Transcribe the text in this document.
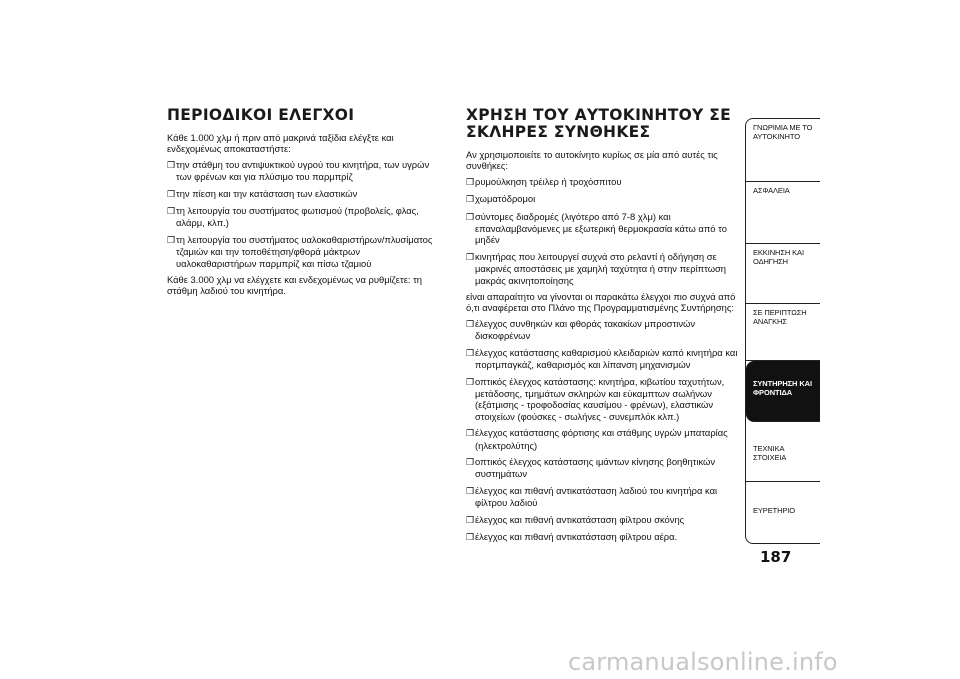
ΠΕΡΙΟΔΙΚΟΙ ΕΛΕΓΧΟΙ

Κάθε 1.000 χλμ ή πριν από μακρινά ταξίδια ελέγξτε και ενδεχομένως αποκαταστήστε:

❒την στάθμη του αντιψυκτικού υγρού του κινητήρα, των υγρών των φρένων και για πλύσιμο του παρμπρίζ
❒την πίεση και την κατάσταση των ελαστικών
❒τη λειτουργία του συστήματος φωτισμού (προβολείς, φλας, αλάρμ, κλπ.)
❒τη λειτουργία του συστήματος υαλοκαθαριστήρων/πλυσίματος τζαμιών και την τοποθέτηση/φθορά μάκτρων υαλοκαθαριστήρων παρμπρίζ και πίσω τζαμιού

Κάθε 3.000 χλμ να ελέγχετε και ενδεχομένως να ρυθμίζετε: τη στάθμη λαδιού του κινητήρα.

ΧΡΗΣΗ ΤΟΥ ΑΥΤΟΚΙΝΗΤΟΥ ΣΕ ΣΚΛΗΡΕΣ ΣΥΝΘΗΚΕΣ

Αν χρησιμοποιείτε το αυτοκίνητο κυρίως σε μία από αυτές τις συνθήκες:

❒ρυμούλκηση τρέιλερ ή τροχόσπιτου
❒χωματόδρομοι
❒σύντομες διαδρομές (λιγότερο από 7-8 χλμ) και επαναλαμβανόμενες με εξωτερική θερμοκρασία κάτω από το μηδέν
❒κινητήρας που λειτουργεί συχνά στο ρελαντί ή οδήγηση σε μακρινές αποστάσεις με χαμηλή ταχύτητα ή στην περίπτωση μακράς ακινητοποίησης

είναι απαραίτητο να γίνονται οι παρακάτω έλεγχοι πιο συχνά από ό,τι αναφέρεται στο Πλάνο της Προγραμματισμένης Συντήρησης:

❒έλεγχος συνθηκών και φθοράς τακακίων μπροστινών δισκοφρένων
❒έλεγχος κατάστασης καθαρισμού κλειδαριών καπό κινητήρα και πορτμπαγκάζ, καθαρισμός και λίπανση μηχανισμών
❒οπτικός έλεγχος κατάστασης: κινητήρα, κιβωτίου ταχυτήτων, μετάδοσης, τμημάτων σκληρών και εύκαμπτων σωλήνων (εξάτμισης - τροφοδοσίας καυσίμου - φρένων), ελαστικών στοιχείων (φούσκες - σωλήνες - συνεμπλόκ κλπ.)
❒έλεγχος κατάστασης φόρτισης και στάθμης υγρών μπαταρίας (ηλεκτρολύτης)
❒οπτικός έλεγχος κατάστασης ιμάντων κίνησης βοηθητικών συστημάτων
❒έλεγχος και πιθανή αντικατάσταση λαδιού του κινητήρα και φίλτρου λαδιού
❒έλεγχος και πιθανή αντικατάσταση φίλτρου σκόνης
❒έλεγχος και πιθανή αντικατάσταση φίλτρου αέρα.
ΓΝΩΡΙΜΙΑ ΜΕ ΤΟ ΑΥΤΟΚΙΝΗΤΟ
ΑΣΦΑΛΕΙΑ
ΕΚΚΙΝΗΣΗ ΚΑΙ ΟΔΗΓΗΣΗ
ΣΕ ΠΕΡΙΠΤΩΣΗ ΑΝΑΓΚΗΣ
ΣΥΝΤΗΡΗΣΗ ΚΑΙ ΦΡΟΝΤΙΔΑ
ΤΕΧΝΙΚΑ ΣΤΟΙΧΕΙΑ
ΕΥΡΕΤΗΡΙΟ
187
carmanualsonline.info
